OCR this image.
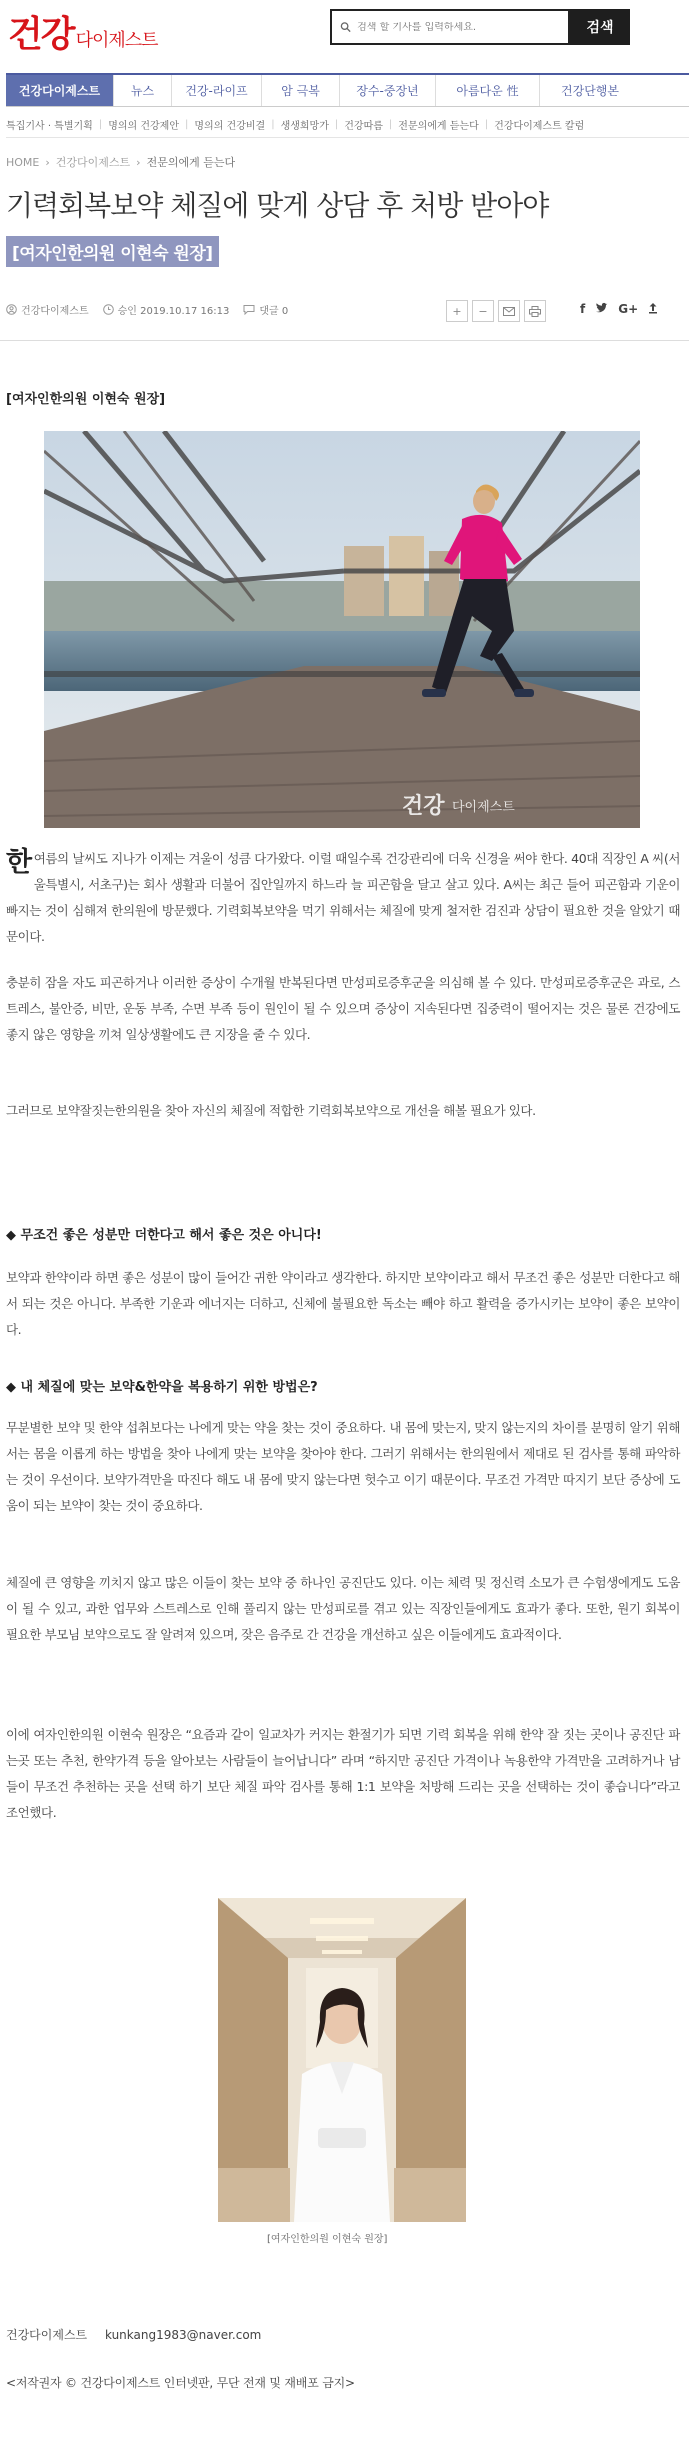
건강 다이제스트
검색 할 기사를 입력하세요.
검색
건강다이제스트	뉴스	건강-라이프	암 극복	장수-중장년	아름다운 性	건강단행본
특집기사 · 특별기획 | 명의의 건강제안 | 명의의 건강비결 | 생생희망가 | 건강따름 | 전문의에게 듣는다 | 건강다이제스트 칼럼
HOME › 건강다이제스트 › 전문의에게 듣는다
기력회복보약 체질에 맞게 상담 후 처방 받아야
[여자인한의원 이현숙 원장]
건강다이제스트	승인 2019.10.17 16:13	댓글 0	+ −	f	G+
[여자인한의원 이현숙 원장]
건강 다이제스트
한여름의 날씨도 지나가 이제는 겨울이 성큼 다가왔다. 이럴 때일수록 건강관리에 더욱 신경을 써야 한다. 40대 직장인 A 씨(서울특별시, 서초구)는 회사 생활과 더불어 집안일까지 하느라 늘 피곤함을 달고 살고 있다. A씨는 최근 들어 피곤함과 기운이 빠지는 것이 심해져 한의원에 방문했다. 기력회복보약을 먹기 위해서는 체질에 맞게 철저한 검진과 상담이 필요한 것을 알았기 때문이다.
충분히 잠을 자도 피곤하거나 이러한 증상이 수개월 반복된다면 만성피로증후군을 의심해 볼 수 있다. 만성피로증후군은 과로, 스트레스, 불안증, 비만, 운동 부족, 수면 부족 등이 원인이 될 수 있으며 증상이 지속된다면 집중력이 떨어지는 것은 물론 건강에도 좋지 않은 영향을 끼쳐 일상생활에도 큰 지장을 줄 수 있다.
그러므로 보약잘짓는한의원을 찾아 자신의 체질에 적합한 기력회복보약으로 개선을 해볼 필요가 있다.
◆ 무조건 좋은 성분만 더한다고 해서 좋은 것은 아니다!
보약과 한약이라 하면 좋은 성분이 많이 들어간 귀한 약이라고 생각한다. 하지만 보약이라고 해서 무조건 좋은 성분만 더한다고 해서 되는 것은 아니다. 부족한 기운과 에너지는 더하고, 신체에 불필요한 독소는 빼야 하고 활력을 증가시키는 보약이 좋은 보약이다.
◆ 내 체질에 맞는 보약&한약을 복용하기 위한 방법은?
무분별한 보약 및 한약 섭취보다는 나에게 맞는 약을 찾는 것이 중요하다. 내 몸에 맞는지, 맞지 않는지의 차이를 분명히 알기 위해서는 몸을 이롭게 하는 방법을 찾아 나에게 맞는 보약을 찾아야 한다. 그러기 위해서는 한의원에서 제대로 된 검사를 통해 파악하는 것이 우선이다. 보약가격만을 따진다 해도 내 몸에 맞지 않는다면 헛수고 이기 때문이다. 무조건 가격만 따지기 보단 증상에 도움이 되는 보약이 찾는 것이 중요하다.
체질에 큰 영향을 끼치지 않고 많은 이들이 찾는 보약 중 하나인 공진단도 있다. 이는 체력 및 정신력 소모가 큰 수험생에게도 도움이 될 수 있고, 과한 업무와 스트레스로 인해 풀리지 않는 만성피로를 겪고 있는 직장인들에게도 효과가 좋다. 또한, 원기 회복이 필요한 부모님 보약으로도 잘 알려져 있으며, 잦은 음주로 간 건강을 개선하고 싶은 이들에게도 효과적이다.
이에 여자인한의원 이현숙 원장은 “요즘과 같이 일교차가 커지는 환절기가 되면 기력 회복을 위해 한약 잘 짓는 곳이나 공진단 파는곳 또는 추천, 한약가격 등을 알아보는 사람들이 늘어납니다” 라며 “하지만 공진단 가격이나 녹용한약 가격만을 고려하거나 남들이 무조건 추천하는 곳을 선택 하기 보단 체질 파악 검사를 통해 1:1 보약을 처방해 드리는 곳을 선택하는 것이 좋습니다”라고 조언했다.
[여자인한의원 이현숙 원장]
건강다이제스트 kunkang1983@naver.com
<저작권자 © 건강다이제스트 인터넷판, 무단 전재 및 재배포 금지>
